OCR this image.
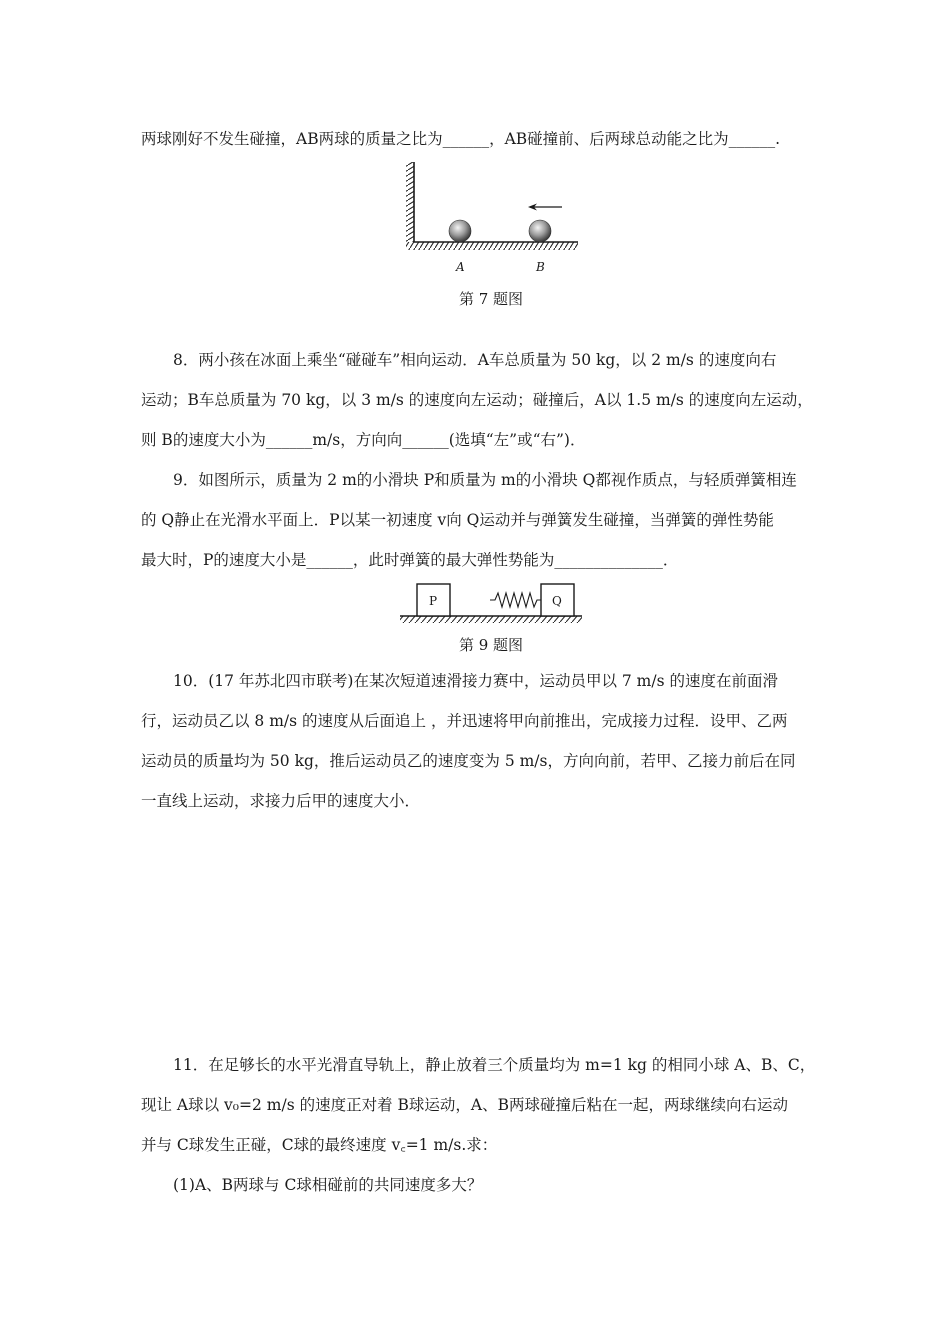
两球刚好不发生碰撞，AB两球的质量之比为______，AB碰撞前、后两球总动能之比为______.
A	B
第 7 题图
8．两小孩在冰面上乘坐“碰碰车”相向运动．A车总质量为 50 kg，以 2 m/s 的速度向右
运动；B车总质量为 70 kg，以 3 m/s 的速度向左运动；碰撞后，A以 1.5 m/s 的速度向左运动，
则 B的速度大小为______m/s，方向向______(选填“左”或“右”)．
9．如图所示，质量为 2 m的小滑块 P和质量为 m的小滑块 Q都视作质点，与轻质弹簧相连
的 Q静止在光滑水平面上．P以某一初速度 v向 Q运动并与弹簧发生碰撞，当弹簧的弹性势能
最大时，P的速度大小是______，此时弹簧的最大弹性势能为______________．
P	Q
第 9 题图
10．(17 年苏北四市联考)在某次短道速滑接力赛中，运动员甲以 7 m/s 的速度在前面滑
行，运动员乙以 8 m/s 的速度从后面追上 ，并迅速将甲向前推出，完成接力过程．设甲、乙两
运动员的质量均为 50 kg，推后运动员乙的速度变为 5 m/s，方向向前，若甲、乙接力前后在同
一直线上运动，求接力后甲的速度大小．
11．在足够长的水平光滑直导轨上，静止放着三个质量均为 m=1 kg 的相同小球 A、B、C，
现让 A球以 v₀=2 m/s 的速度正对着 B球运动，A、B两球碰撞后粘在一起，两球继续向右运动
并与 C球发生正碰，C球的最终速度 v꜀=1 m/s.求：
(1)A、B两球与 C球相碰前的共同速度多大？
